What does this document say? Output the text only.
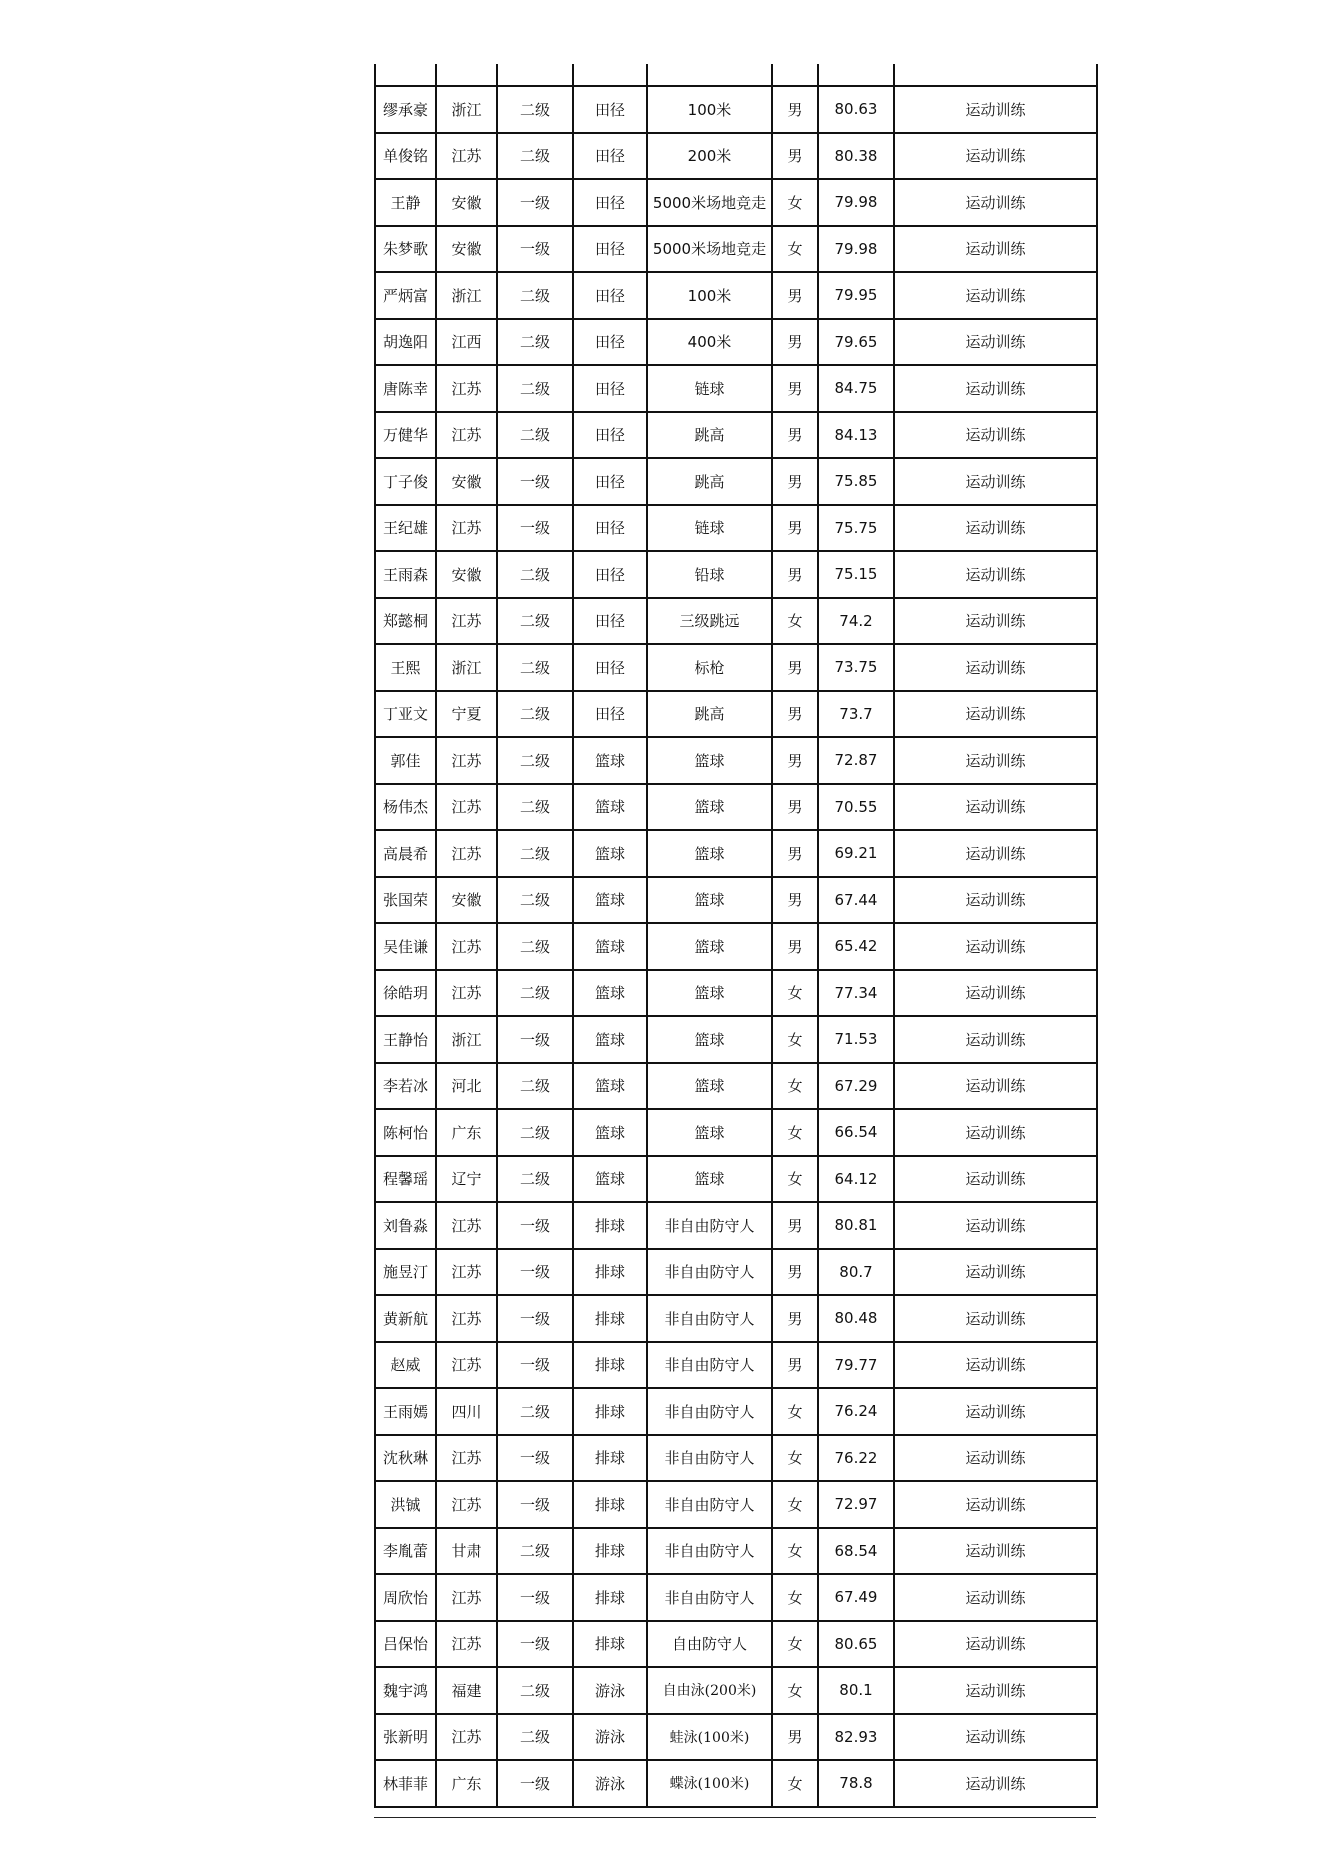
缪承豪	浙江	二级	田径	100米	男	80.63	运动训练
单俊铭	江苏	二级	田径	200米	男	80.38	运动训练
王静	安徽	一级	田径	5000米场地竞走	女	79.98	运动训练
朱梦歌	安徽	一级	田径	5000米场地竞走	女	79.98	运动训练
严炳富	浙江	二级	田径	100米	男	79.95	运动训练
胡逸阳	江西	二级	田径	400米	男	79.65	运动训练
唐陈幸	江苏	二级	田径	链球	男	84.75	运动训练
万健华	江苏	二级	田径	跳高	男	84.13	运动训练
丁子俊	安徽	一级	田径	跳高	男	75.85	运动训练
王纪雄	江苏	一级	田径	链球	男	75.75	运动训练
王雨森	安徽	二级	田径	铅球	男	75.15	运动训练
郑懿桐	江苏	二级	田径	三级跳远	女	74.2	运动训练
王熙	浙江	二级	田径	标枪	男	73.75	运动训练
丁亚文	宁夏	二级	田径	跳高	男	73.7	运动训练
郭佳	江苏	二级	篮球	篮球	男	72.87	运动训练
杨伟杰	江苏	二级	篮球	篮球	男	70.55	运动训练
高晨希	江苏	二级	篮球	篮球	男	69.21	运动训练
张国荣	安徽	二级	篮球	篮球	男	67.44	运动训练
吴佳谦	江苏	二级	篮球	篮球	男	65.42	运动训练
徐皓玥	江苏	二级	篮球	篮球	女	77.34	运动训练
王静怡	浙江	一级	篮球	篮球	女	71.53	运动训练
李若冰	河北	二级	篮球	篮球	女	67.29	运动训练
陈柯怡	广东	二级	篮球	篮球	女	66.54	运动训练
程馨瑶	辽宁	二级	篮球	篮球	女	64.12	运动训练
刘鲁淼	江苏	一级	排球	非自由防守人	男	80.81	运动训练
施昱汀	江苏	一级	排球	非自由防守人	男	80.7	运动训练
黄新航	江苏	一级	排球	非自由防守人	男	80.48	运动训练
赵威	江苏	一级	排球	非自由防守人	男	79.77	运动训练
王雨嫣	四川	二级	排球	非自由防守人	女	76.24	运动训练
沈秋琳	江苏	一级	排球	非自由防守人	女	76.22	运动训练
洪铖	江苏	一级	排球	非自由防守人	女	72.97	运动训练
李胤蕾	甘肃	二级	排球	非自由防守人	女	68.54	运动训练
周欣怡	江苏	一级	排球	非自由防守人	女	67.49	运动训练
吕保怡	江苏	一级	排球	自由防守人	女	80.65	运动训练
魏宇鸿	福建	二级	游泳	自由泳(200米)	女	80.1	运动训练
张新明	江苏	二级	游泳	蛙泳(100米)	男	82.93	运动训练
林菲菲	广东	一级	游泳	蝶泳(100米)	女	78.8	运动训练
